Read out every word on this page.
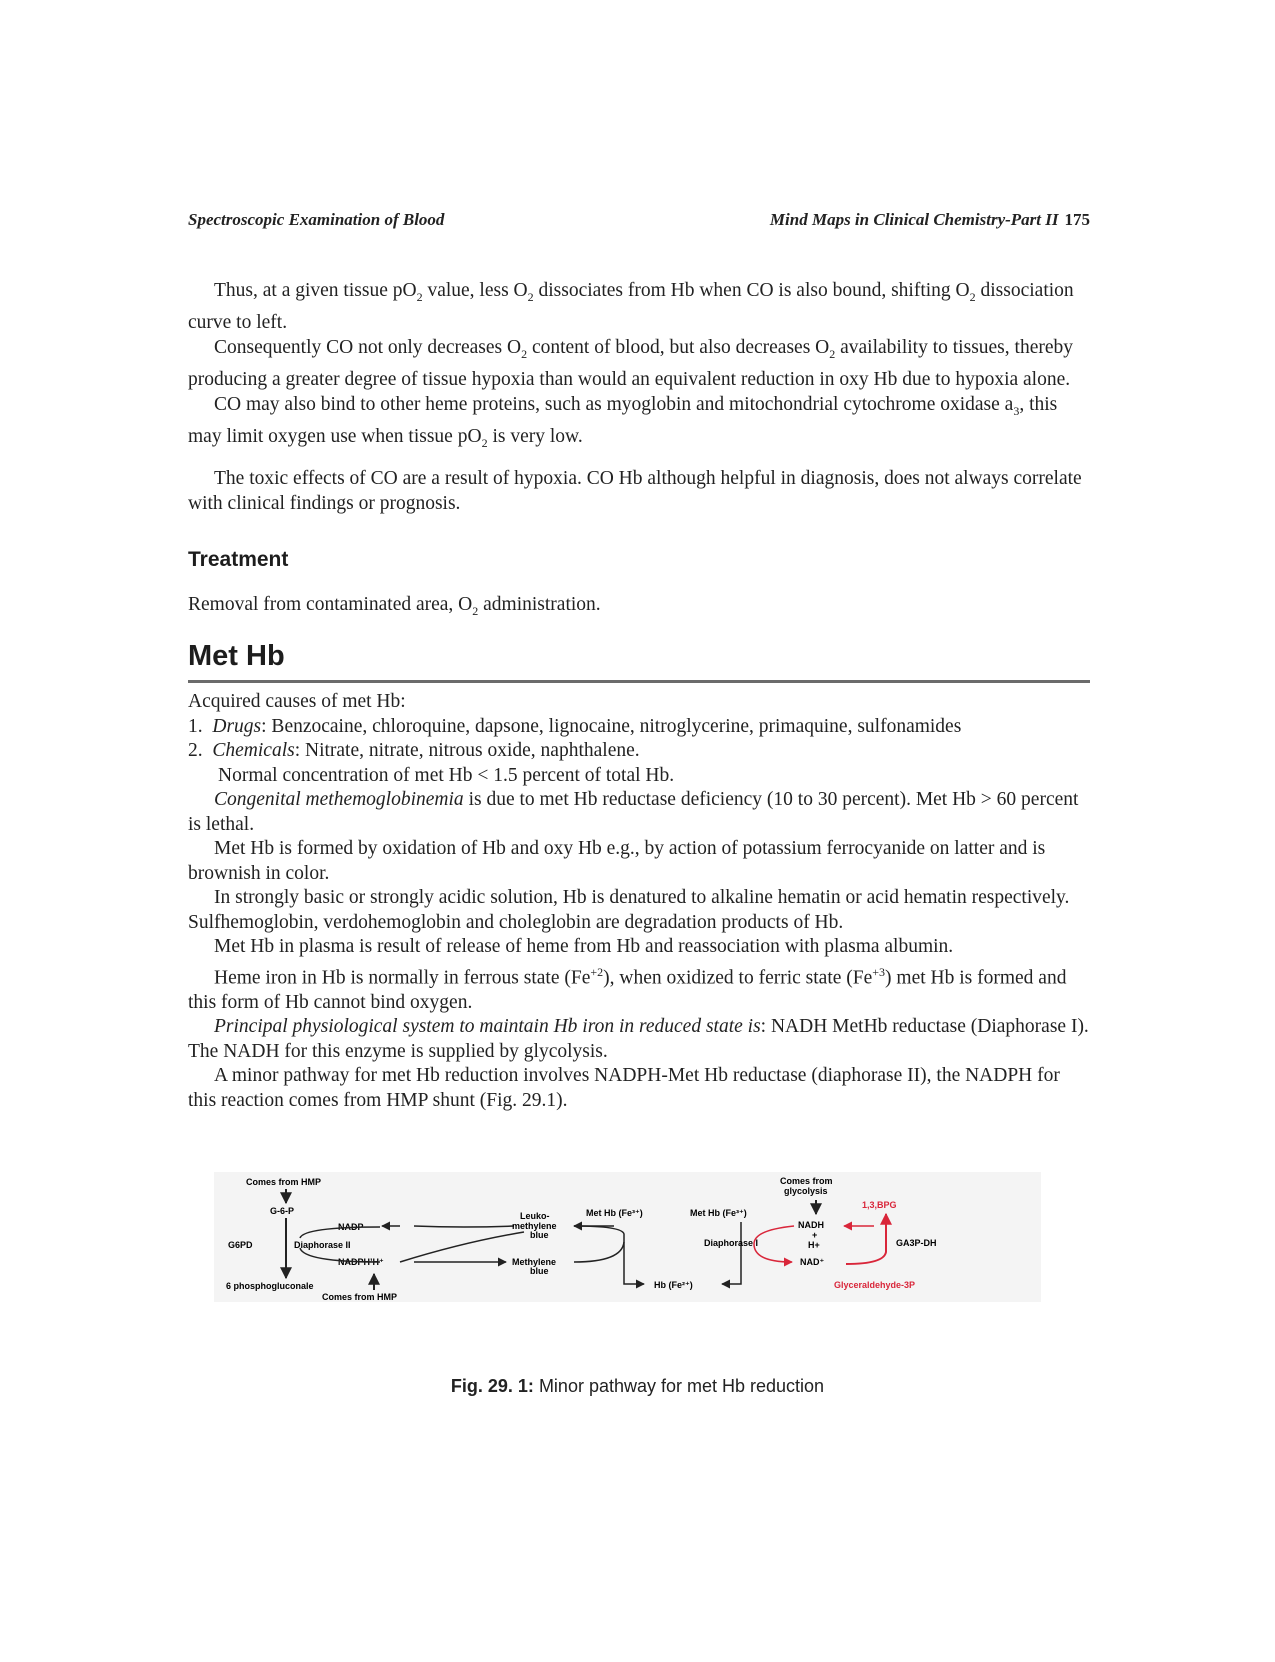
Spectroscopic Examination of Blood	Mind Maps in Clinical Chemistry-Part II 175

Thus, at a given tissue $pO_2$ value, less $O_2$ dissociates from Hb when CO is also bound, shifting $O_2$ dissociation curve to left.

Consequently CO not only decreases $O_2$ content of blood, but also decreases $O_2$ availability to tissues, thereby producing a greater degree of tissue hypoxia than would an equivalent reduction in oxy Hb due to hypoxia alone.

CO may also bind to other heme proteins, such as myoglobin and mitochondrial cytochrome oxidase $a_3$, this may limit oxygen use when tissue $pO_2$ is very low.

The toxic effects of CO are a result of hypoxia. CO Hb although helpful in diagnosis, does not always correlate with clinical findings or prognosis.

Treatment
Removal from contaminated area, $O_2$ administration.
Met Hb

Acquired causes of met Hb:

1. Drugs: Benzocaine, chloroquine, dapsone, lignocaine, nitroglycerine, primaquine, sulfonamides

2. Chemicals: Nitrate, nitrate, nitrous oxide, naphthalene.

Normal concentration of met Hb < 1.5 percent of total Hb.

Congenital methemoglobinemia is due to met Hb reductase deficiency (10 to 30 percent). Met Hb > 60 percent is lethal.

Met Hb is formed by oxidation of Hb and oxy Hb e.g., by action of potassium ferrocyanide on latter and is brownish in color.

In strongly basic or strongly acidic solution, Hb is denatured to alkaline hematin or acid hematin respectively. Sulfhemoglobin, verdohemoglobin and choleglobin are degradation products of Hb.

Met Hb in plasma is result of release of heme from Hb and reassociation with plasma albumin.

Heme iron in Hb is normally in ferrous state $(Fe^{+2})$, when oxidized to ferric state $(Fe^{+3})$ met Hb is formed and this form of Hb cannot bind oxygen.

Principal physiological system to maintain Hb iron in reduced state is: NADH MetHb reductase (Diaphorase I). The NADH for this enzyme is supplied by glycolysis.

A minor pathway for met Hb reduction involves NADPH-Met Hb reductase (diaphorase II), the NADPH for this reaction comes from HMP shunt (Fig. 29.1).

Comes from HMP
G-6-P
G6PD
NADP
Diaphorase II
NADPH’H⁺
6 phosphogluconale
Comes from HMP
Leuko-
methylene
blue
Methylene
blue
Met Hb (Fe³⁺)
Hb (Fe²⁺)
Met Hb (Fe³⁺)
Diaphorase I
Comes from
glycolysis
NADH
+
H+
NAD⁺
1,3,BPG
GA3P-DH
Glyceraldehyde-3P
Fig. 29. 1: Minor pathway for met Hb reduction
